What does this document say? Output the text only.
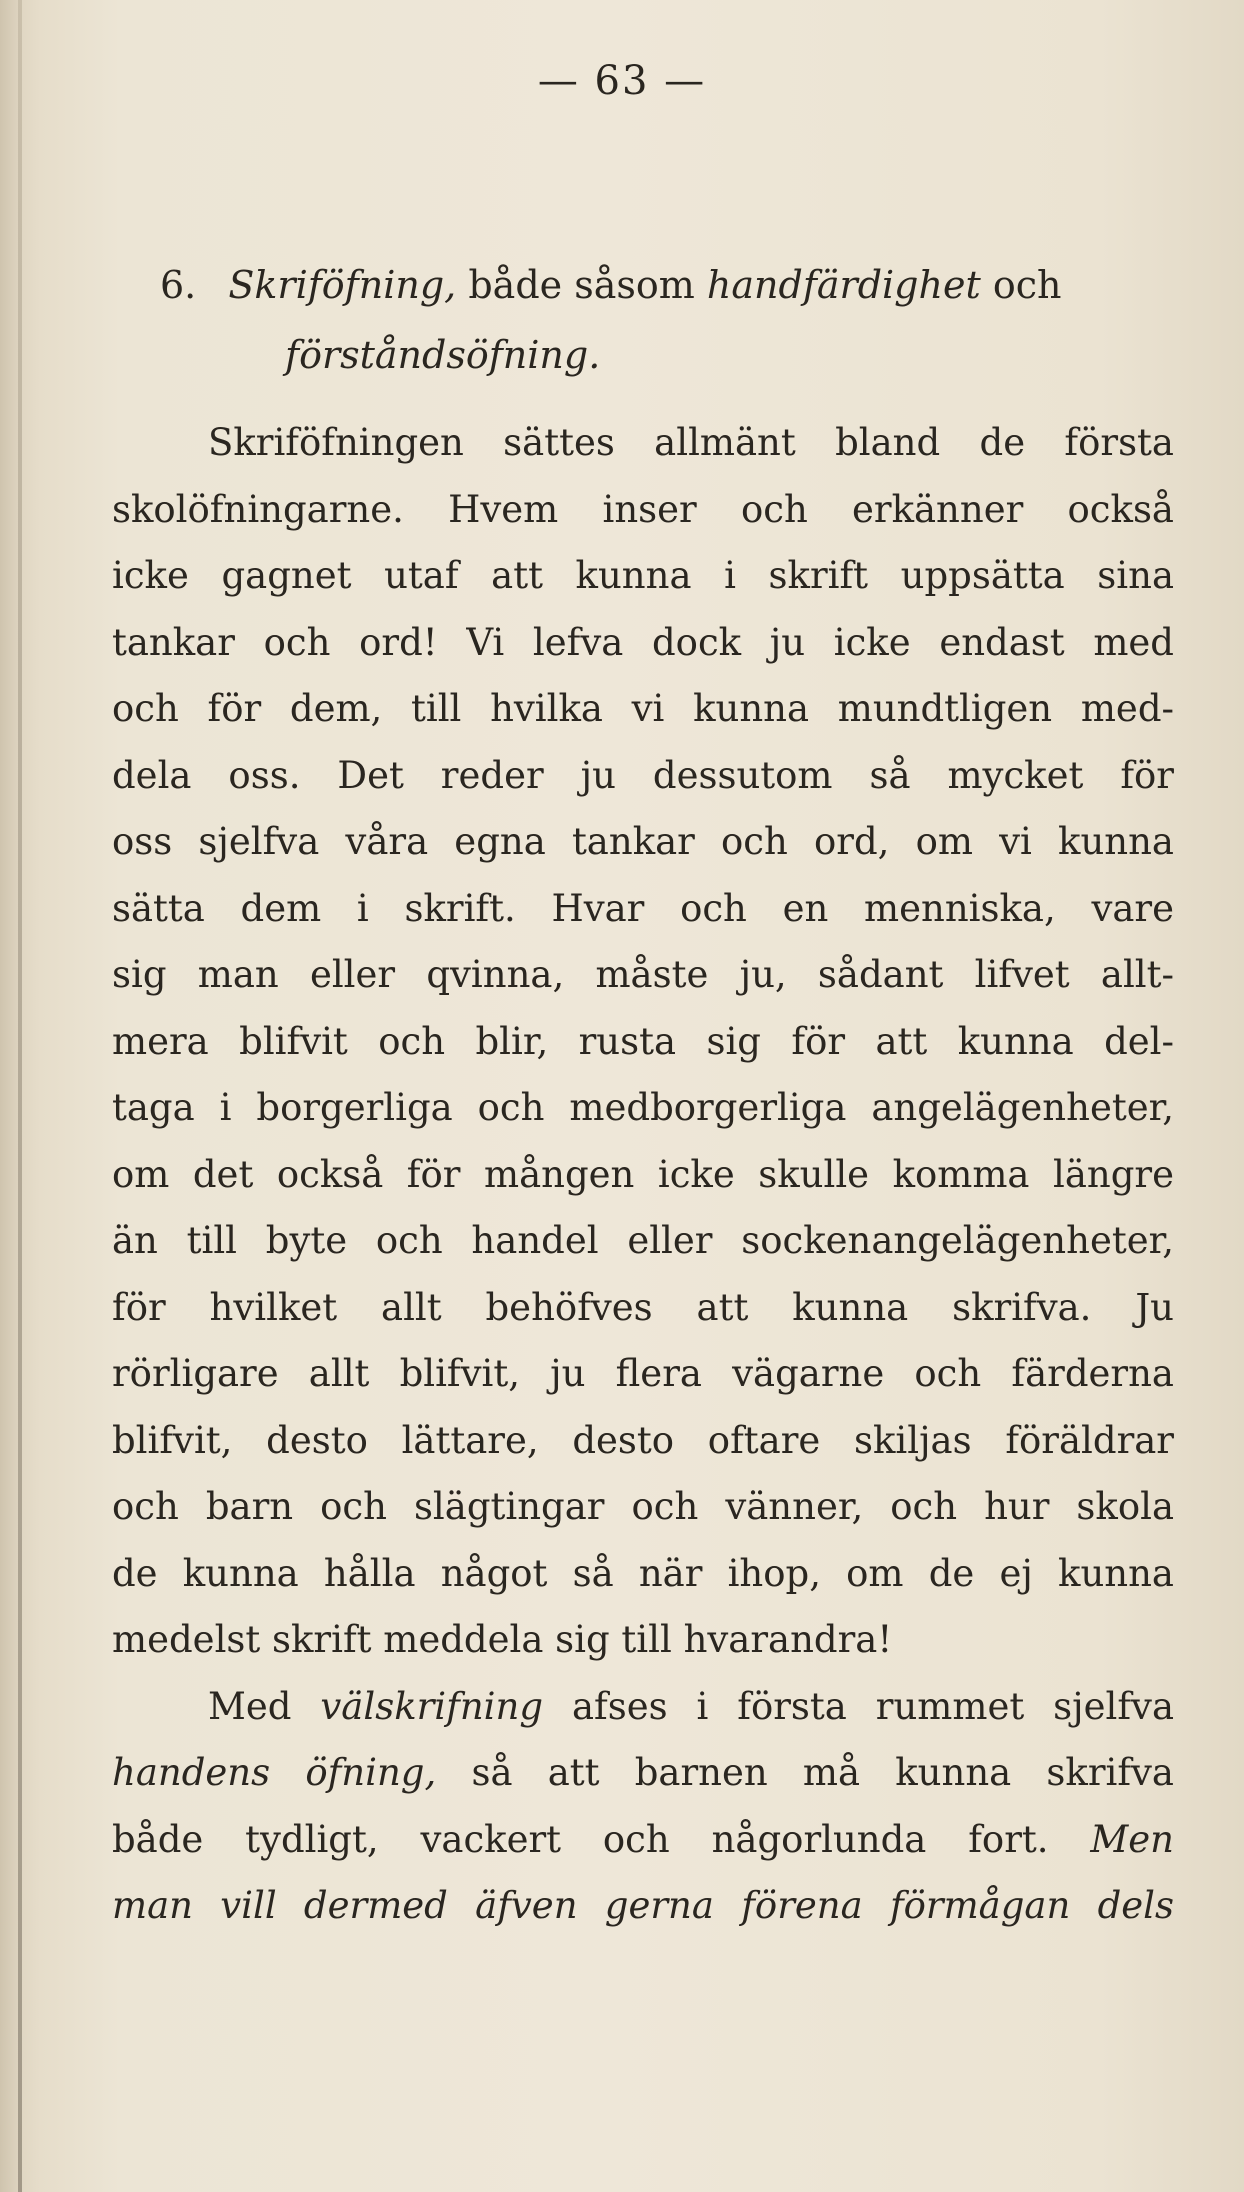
— 63 —
6. Skriföfning, både såsom handfärdighet och
förståndsöfning.
Skriföfningen sättes allmänt bland de första
skolöfningarne. Hvem inser och erkänner också
icke gagnet utaf att kunna i skrift uppsätta sina
tankar och ord! Vi lefva dock ju icke endast med
och för dem, till hvilka vi kunna mundtligen med-
dela oss. Det reder ju dessutom så mycket för
oss sjelfva våra egna tankar och ord, om vi kunna
sätta dem i skrift. Hvar och en menniska, vare
sig man eller qvinna, måste ju, sådant lifvet allt-
mera blifvit och blir, rusta sig för att kunna del-
taga i borgerliga och medborgerliga angelägenheter,
om det också för mången icke skulle komma längre
än till byte och handel eller sockenangelägenheter,
för hvilket allt behöfves att kunna skrifva. Ju
rörligare allt blifvit, ju flera vägarne och färderna
blifvit, desto lättare, desto oftare skiljas föräldrar
och barn och slägtingar och vänner, och hur skola
de kunna hålla något så när ihop, om de ej kunna
medelst skrift meddela sig till hvarandra!
Med välskrifning afses i första rummet sjelfva
handens öfning, så att barnen må kunna skrifva
både tydligt, vackert och någorlunda fort. Men
man vill dermed äfven gerna förena förmågan dels
